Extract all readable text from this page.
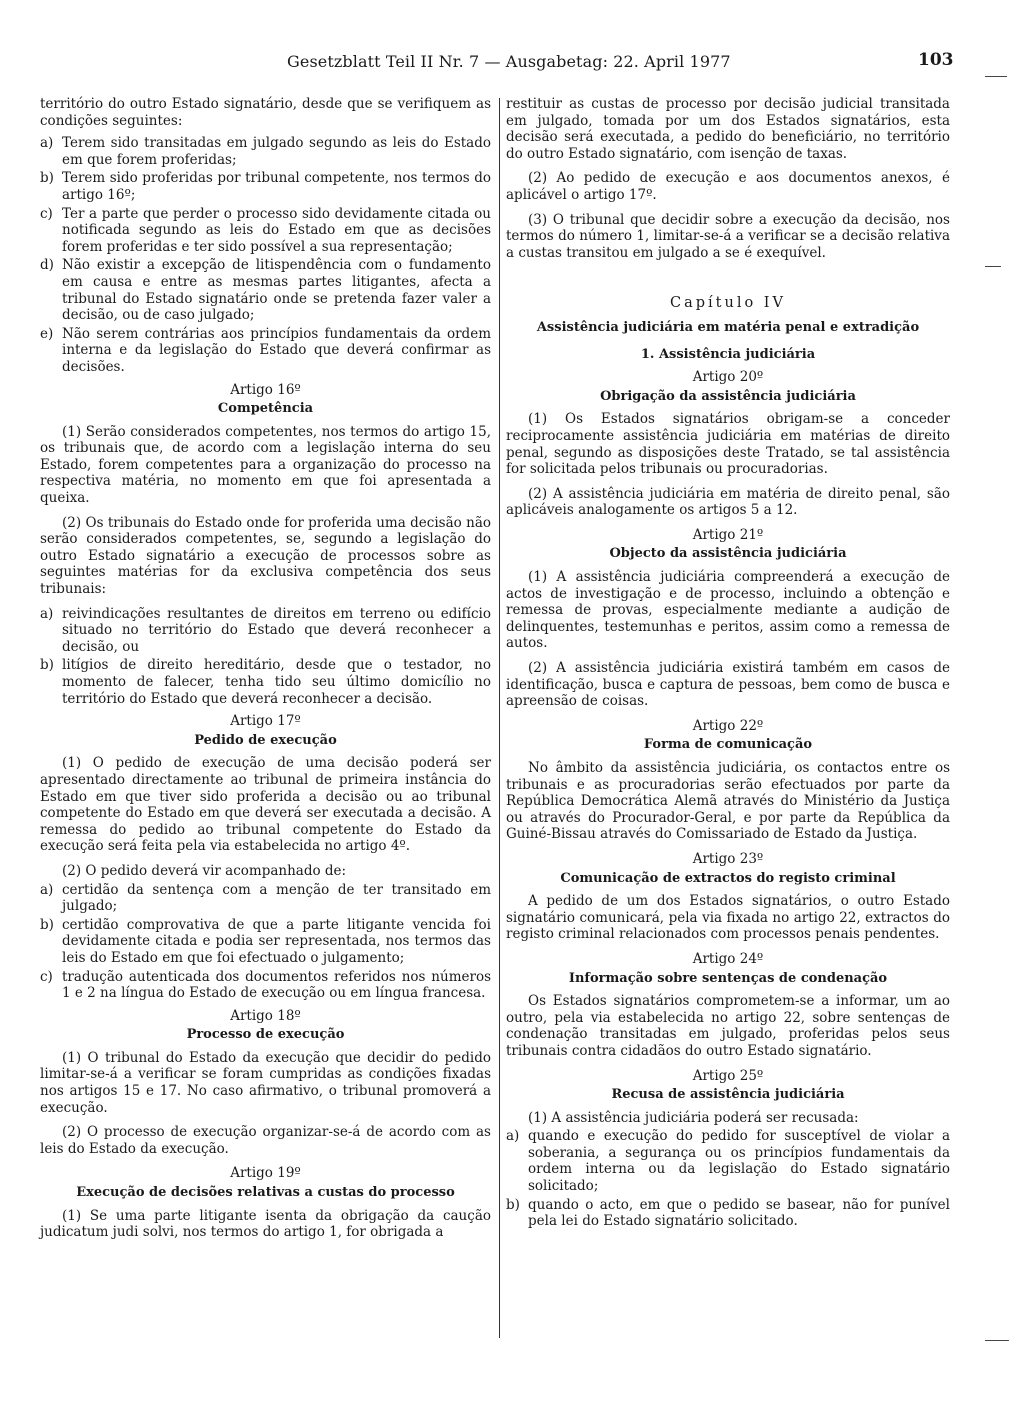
Gesetzblatt Teil II Nr. 7 — Ausgabetag: 22. April 1977	103

território do outro Estado signatário, desde que se verifiquem as condições seguintes:

a) Terem sido transitadas em julgado segundo as leis do Estado em que forem proferidas;
b) Terem sido proferidas por tribunal competente, nos termos do artigo 16º;
c) Ter a parte que perder o processo sido devidamente citada ou notificada segundo as leis do Estado em que as decisões forem proferidas e ter sido possível a sua representação;
d) Não existir a excepção de litispendência com o fundamento em causa e entre as mesmas partes litigantes, afecta a tribunal do Estado signatário onde se pretenda fazer valer a decisão, ou de caso julgado;
e) Não serem contrárias aos princípios fundamentais da ordem interna e da legislação do Estado que deverá confirmar as decisões.
Artigo 16º
Competência

(1) Serão considerados competentes, nos termos do artigo 15, os tribunais que, de acordo com a legislação interna do seu Estado, forem competentes para a organização do processo na respectiva matéria, no momento em que foi apresentada a queixa.

(2) Os tribunais do Estado onde for proferida uma decisão não serão considerados competentes, se, segundo a legislação do outro Estado signatário a execução de processos sobre as seguintes matérias for da exclusiva competência dos seus tribunais:

a) reivindicações resultantes de direitos em terreno ou edifício situado no território do Estado que deverá reconhecer a decisão, ou
b) litígios de direito hereditário, desde que o testador, no momento de falecer, tenha tido seu último domicílio no território do Estado que deverá reconhecer a decisão.
Artigo 17º
Pedido de execução

(1) O pedido de execução de uma decisão poderá ser apresentado directamente ao tribunal de primeira instância do Estado em que tiver sido proferida a decisão ou ao tribunal competente do Estado em que deverá ser executada a decisão. A remessa do pedido ao tribunal competente do Estado da execução será feita pela via estabelecida no artigo 4º.

(2) O pedido deverá vir acompanhado de:

a) certidão da sentença com a menção de ter transitado em julgado;
b) certidão comprovativa de que a parte litigante vencida foi devidamente citada e podia ser representada, nos termos das leis do Estado em que foi efectuado o julgamento;
c) tradução autenticada dos documentos referidos nos números 1 e 2 na língua do Estado de execução ou em língua francesa.
Artigo 18º
Processo de execução

(1) O tribunal do Estado da execução que decidir do pedido limitar-se-á a verificar se foram cumpridas as condições fixadas nos artigos 15 e 17. No caso afirmativo, o tribunal promoverá a execução.

(2) O processo de execução organizar-se-á de acordo com as leis do Estado da execução.

Artigo 19º
Execução de decisões relativas a custas do processo

(1) Se uma parte litigante isenta da obrigação da caução judicatum judi solvi, nos termos do artigo 1, for obrigada a

restituir as custas de processo por decisão judicial transitada em julgado, tomada por um dos Estados signatários, esta decisão será executada, a pedido do beneficiário, no território do outro Estado signatário, com isenção de taxas.

(2) Ao pedido de execução e aos documentos anexos, é aplicável o artigo 17º.

(3) O tribunal que decidir sobre a execução da decisão, nos termos do número 1, limitar-se-á a verificar se a decisão relativa a custas transitou em julgado a se é exequível.

Capítulo IV
Assistência judiciária em matéria penal e extradição
1. Assistência judiciária
Artigo 20º
Obrigação da assistência judiciária

(1) Os Estados signatários obrigam-se a conceder reciprocamente assistência judiciária em matérias de direito penal, segundo as disposições deste Tratado, se tal assistência for solicitada pelos tribunais ou procuradorias.

(2) A assistência judiciária em matéria de direito penal, são aplicáveis analogamente os artigos 5 a 12.

Artigo 21º
Objecto da assistência judiciária

(1) A assistência judiciária compreenderá a execução de actos de investigação e de processo, incluindo a obtenção e remessa de provas, especialmente mediante a audição de delinquentes, testemunhas e peritos, assim como a remessa de autos.

(2) A assistência judiciária existirá também em casos de identificação, busca e captura de pessoas, bem como de busca e apreensão de coisas.

Artigo 22º
Forma de comunicação

No âmbito da assistência judiciária, os contactos entre os tribunais e as procuradorias serão efectuados por parte da República Democrática Alemã através do Ministério da Justiça ou através do Procurador-Geral, e por parte da República da Guiné-Bissau através do Comissariado de Estado da Justiça.

Artigo 23º
Comunicação de extractos do registo criminal

A pedido de um dos Estados signatários, o outro Estado signatário comunicará, pela via fixada no artigo 22, extractos do registo criminal relacionados com processos penais pendentes.

Artigo 24º
Informação sobre sentenças de condenação

Os Estados signatários comprometem-se a informar, um ao outro, pela via estabelecida no artigo 22, sobre sentenças de condenação transitadas em julgado, proferidas pelos seus tribunais contra cidadãos do outro Estado signatário.

Artigo 25º
Recusa de assistência judiciária

(1) A assistência judiciária poderá ser recusada:

a) quando e execução do pedido for susceptível de violar a soberania, a segurança ou os princípios fundamentais da ordem interna ou da legislação do Estado signatário solicitado;
b) quando o acto, em que o pedido se basear, não for punível pela lei do Estado signatário solicitado.
